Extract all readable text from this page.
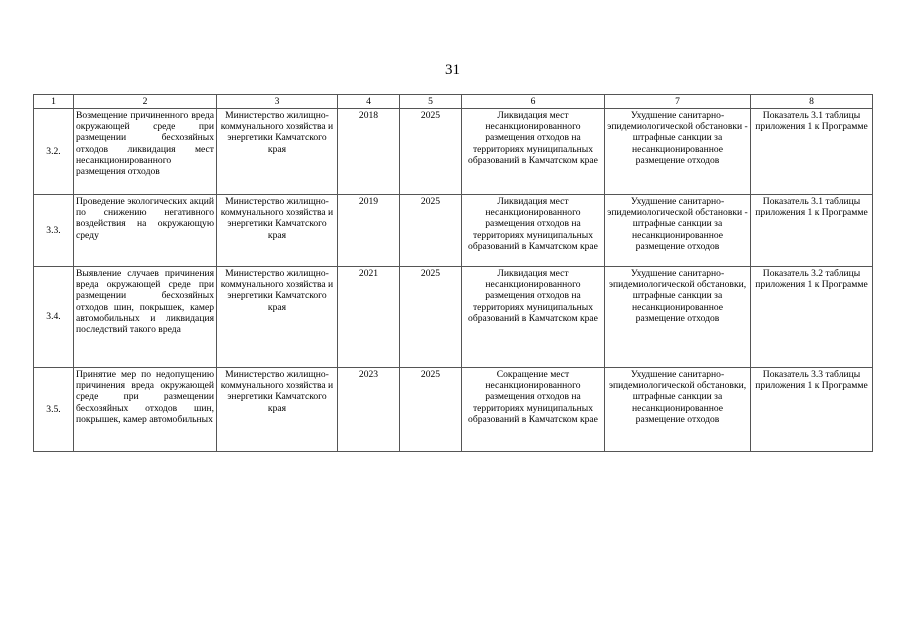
31
1	2	3	4	5	6	7	8
3.2.	Возмещение причиненного вреда окружающей среде при размещении бесхозяйных отходов ликвидация мест несанкционированного размещения отходов	Министерство жилищно-коммунального хозяйства и энергетики Камчатского края	2018	2025	Ликвидация мест несанкционированного размещения отходов на территориях муниципальных образований в Камчатском крае	Ухудшение санитарно-эпидемиологической обстановки - штрафные санкции за несанкционированное размещение отходов	Показатель 3.1 таблицы приложения 1 к Программе
3.3.	Проведение экологических акций по снижению негативного воздействия на окружающую среду	Министерство жилищно-коммунального хозяйства и энергетики Камчатского края	2019	2025	Ликвидация мест несанкционированного размещения отходов на территориях муниципальных образований в Камчатском крае	Ухудшение санитарно-эпидемиологической обстановки - штрафные санкции за несанкционированное размещение отходов	Показатель 3.1 таблицы приложения 1 к Программе
3.4.	Выявление случаев причинения вреда окружающей среде при размещении бесхозяйных отходов шин, покрышек, камер автомобильных и ликвидация последствий такого вреда	Министерство жилищно-коммунального хозяйства и энергетики Камчатского края	2021	2025	Ликвидация мест несанкционированного размещения отходов на территориях муниципальных образований в Камчатском крае	Ухудшение санитарно-эпидемиологической обстановки, штрафные санкции за несанкционированное размещение отходов	Показатель 3.2 таблицы приложения 1 к Программе
3.5.	Принятие мер по недопущению причинения вреда окружающей среде при размещении бесхозяйных отходов шин, покрышек, камер автомобильных	Министерство жилищно-коммунального хозяйства и энергетики Камчатского края	2023	2025	Сокращение мест несанкционированного размещения отходов на территориях муниципальных образований в Камчатском крае	Ухудшение санитарно-эпидемиологической обстановки, штрафные санкции за несанкционированное размещение отходов	Показатель 3.3 таблицы приложения 1 к Программе
